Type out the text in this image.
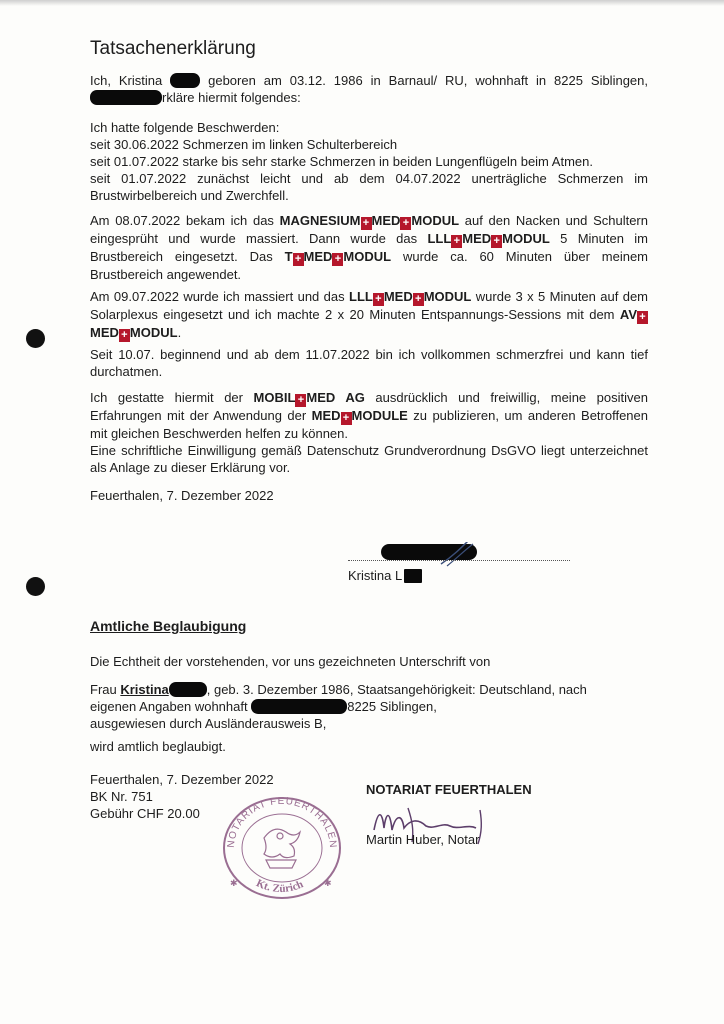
Tatsachenerklärung

Ich, Kristina	geboren am 03.12. 1986 in Barnaul/ RU, wohnhaft in 8225 Siblingen,

rkläre hiermit folgendes:

Ich hatte folgende Beschwerden:

seit 30.06.2022 Schmerzen im linken Schulterbereich

seit 01.07.2022 starke bis sehr starke Schmerzen in beiden Lungenflügeln beim Atmen.

seit 01.07.2022 zunächst leicht und ab dem 04.07.2022 unerträgliche Schmerzen im Brustwirbelbereich und Zwerchfell.

Am 08.07.2022 bekam ich das MAGNESIUM + MED + MODUL auf den Nacken und Schultern eingesprüht und wurde massiert. Dann wurde das LLL + MED + MODUL 5 Minuten im Brustbereich eingesetzt. Das T + MED + MODUL wurde ca. 60 Minuten über meinem Brustbereich angewendet.

Am 09.07.2022 wurde ich massiert und das LLL + MED + MODUL wurde 3 x 5 Minuten auf dem Solarplexus eingesetzt und ich machte 2 x 20 Minuten Entspannungs-Sessions mit dem AV +MED + MODUL.

Seit 10.07. beginnend und ab dem 11.07.2022 bin ich vollkommen schmerzfrei und kann tief durchatmen.

Ich gestatte hiermit der MOBIL + MED AG ausdrücklich und freiwillig, meine positiven Erfahrungen mit der Anwendung der MED + MODULE zu publizieren, um anderen Betroffenen mit gleichen Beschwerden helfen zu können.

Eine schriftliche Einwilligung gemäß Datenschutz Grundverordnung DsGVO liegt unterzeichnet als Anlage zu dieser Erklärung vor.

Feuerthalen, 7. Dezember 2022
Kristina L
Amtliche Beglaubigung
Die Echtheit der vorstehenden, vor uns gezeichneten Unterschrift von
Frau Kristina	, geb. 3. Dezember 1986, Staatsangehörigkeit: Deutschland, nach
eigenen Angaben wohnhaft	8225 Siblingen,
ausgewiesen durch Ausländerausweis B,
wird amtlich beglaubigt.
Feuerthalen, 7. Dezember 2022
BK Nr. 751
Gebühr CHF 20.00
NOTARIAT FEUERTHALEN
Kt. Zürich
✱	✱
NOTARIAT FEUERTHALEN
Martin Huber, Notar
